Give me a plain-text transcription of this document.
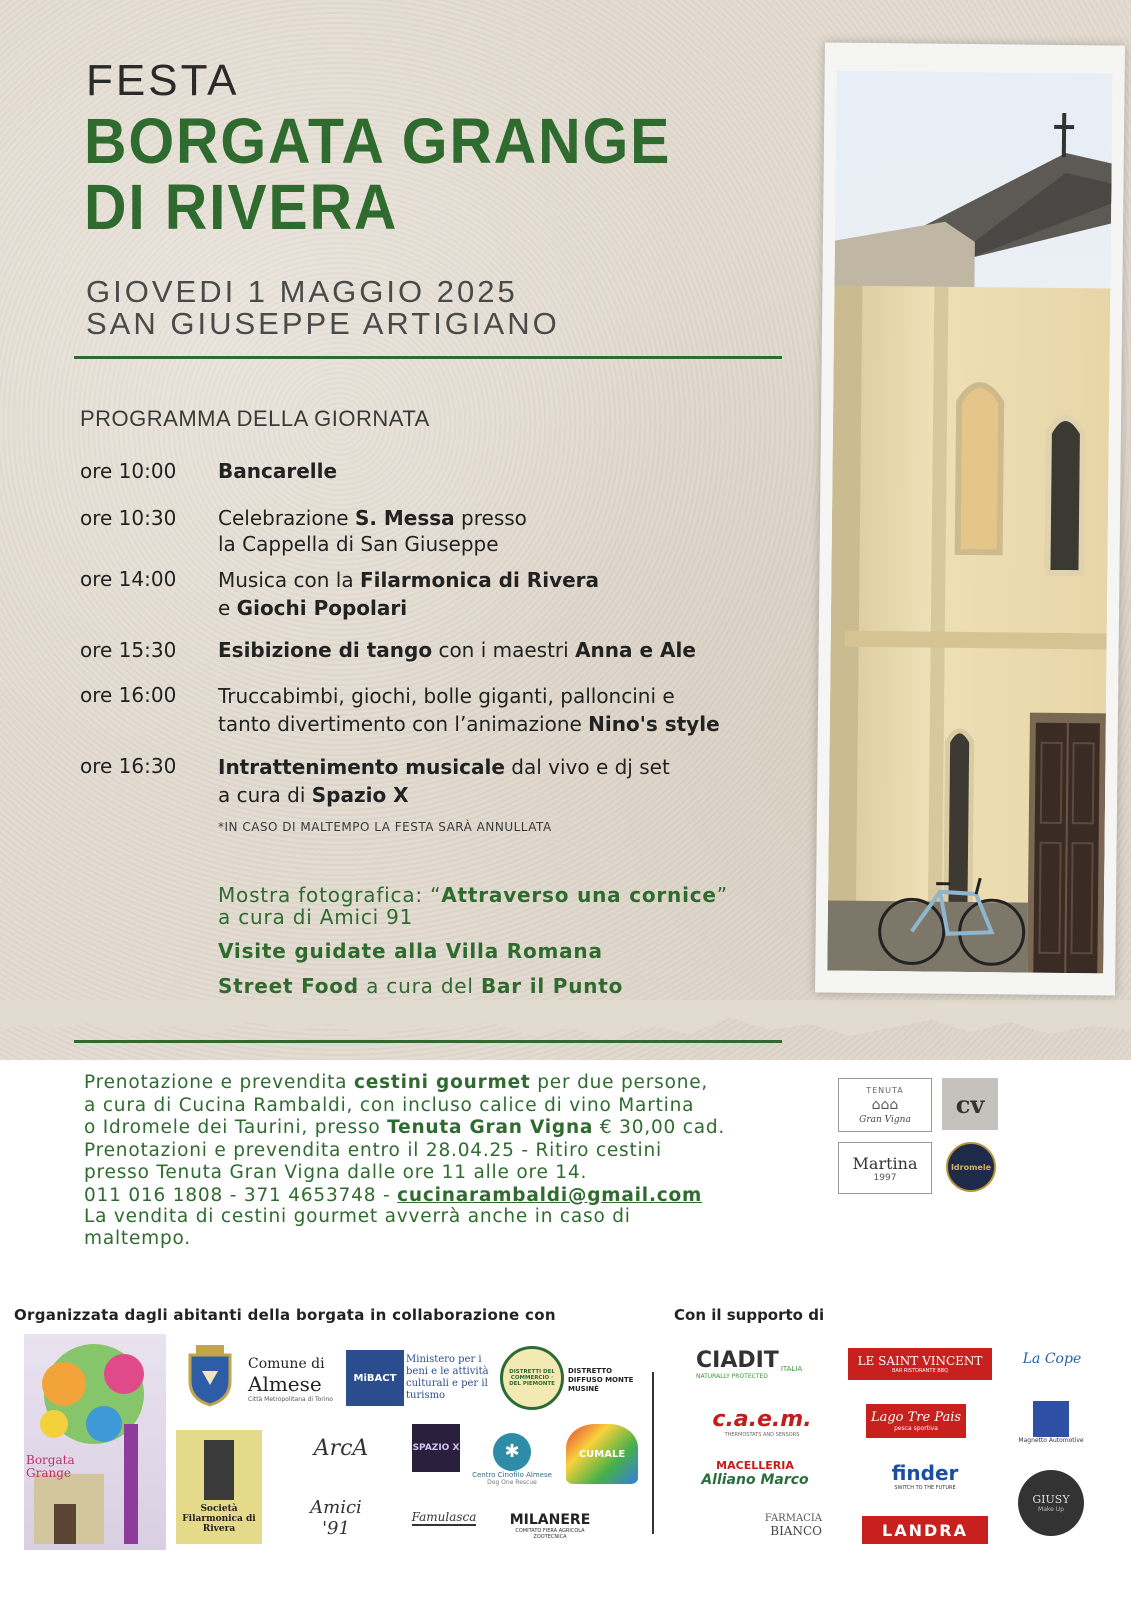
FESTA
BORGATA GRANGE
DI RIVERA
GIOVEDI 1 MAGGIO 2025
SAN GIUSEPPE ARTIGIANO
PROGRAMMA DELLA GIORNATA
ore 10:00	Bancarelle
ore 10:30	Celebrazione S. Messa presso
la Cappella di San Giuseppe
ore 14:00	Musica con la Filarmonica di Rivera
e Giochi Popolari
ore 15:30	Esibizione di tango con i maestri Anna e Ale
ore 16:00	Truccabimbi, giochi, bolle giganti, palloncini e
tanto divertimento con l’animazione Nino's style
ore 16:30	Intrattenimento musicale dal vivo e dj set
a cura di Spazio X
*IN CASO DI MALTEMPO LA FESTA SARÀ ANNULLATA
Mostra fotografica: “Attraverso una cornice”
a cura di Amici 91
Visite guidate alla Villa Romana
Street Food a cura del Bar il Punto
Prenotazione e prevendita cestini gourmet per due persone,
a cura di Cucina Rambaldi, con incluso calice di vino Martina
o Idromele dei Taurini, presso Tenuta Gran Vigna € 30,00 cad.
Prenotazioni e prevendita entro il 28.04.25 - Ritiro cestini
presso Tenuta Gran Vigna dalle ore 11 alle ore 14.
011 016 1808 - 371 4653748 - cucinarambaldi@gmail.com
La vendita di cestini gourmet avverrà anche in caso di
maltempo.
TENUTA
⌂⌂⌂
Gran Vigna
cv
Martina
1997
Idromele
Organizzata dagli abitanti della borgata in collaborazione con	Con il supporto di
Borgata
Grange
Comune di
Almese
Città Metropolitana di Torino
MiBACT
Ministero per i beni e le attività culturali e per il turismo
DISTRETTI DEL COMMERCIO · DEL PIEMONTE
DISTRETTO DIFFUSO MONTE MUSINÈ
Società Filarmonica di Rivera
ArcA	SPAZIO X	✱
Centro Cinofilo Almese
Dog One Rescue
CUMALE
Amici '91
Famulasca MILANERE
COMITATO FIERA AGRICOLA ZOOTECNICA
CIADIT ITALIA
NATURALLY PROTECTED
LE SAINT VINCENT
BAR RISTORANTE BBQ
La Cope
c.a.e.m.
THERMOSTATS AND SENSORS
Lago Tre Pais
pesca sportiva
Magnetto Automotive
MACELLERIA
Alliano Marco	finder
SWITCH TO THE FUTURE
GIUSY
Make Up
FARMACIA
BIANCO	LANDRA
